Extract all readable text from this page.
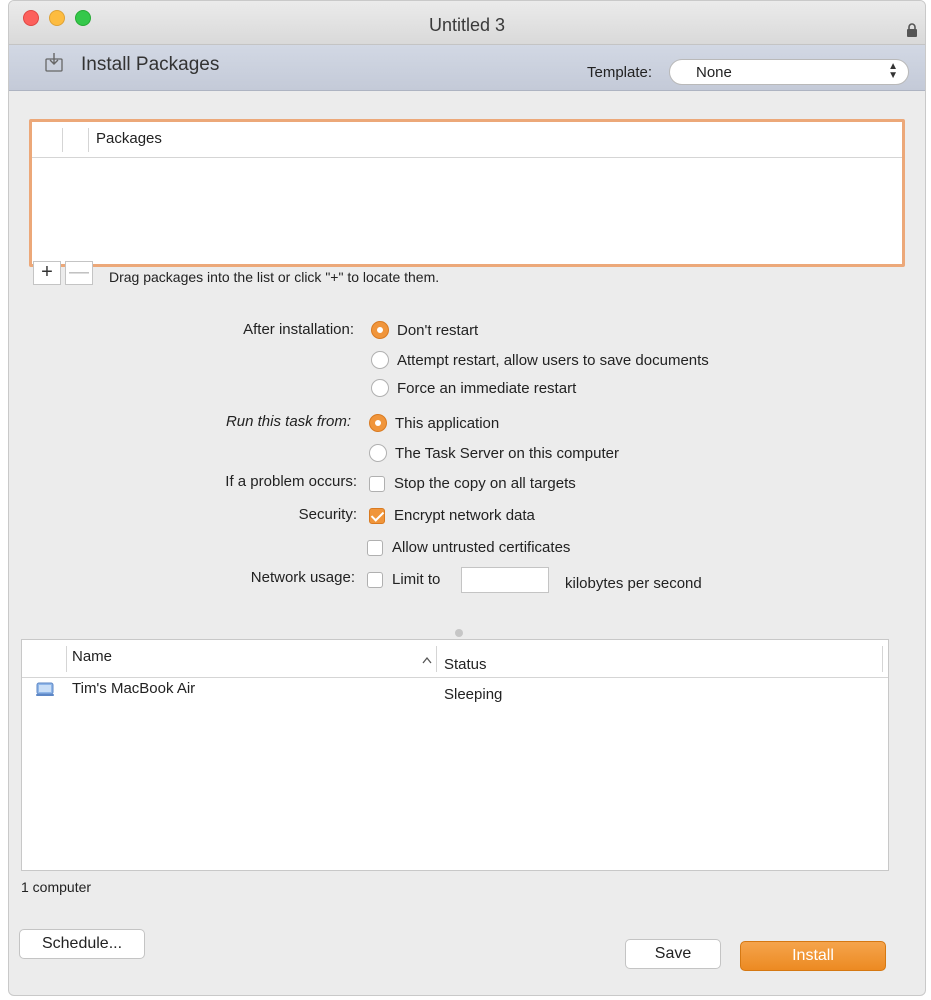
Untitled 3
Install Packages	Template:	None	▲
▼
Packages
+ — Drag packages into the list or click "+" to locate them.
After installation:	Don't restart
Attempt restart, allow users to save documents
Force an immediate restart
Run this task from:	This application
The Task Server on this computer
If a problem occurs: Stop the copy on all targets
Security: Encrypt network data
Allow untrusted certificates
Network usage: Limit to	kilobytes per second
Name	Status
Tim's MacBook Air	Sleeping
1 computer
Schedule...
Save	Install
